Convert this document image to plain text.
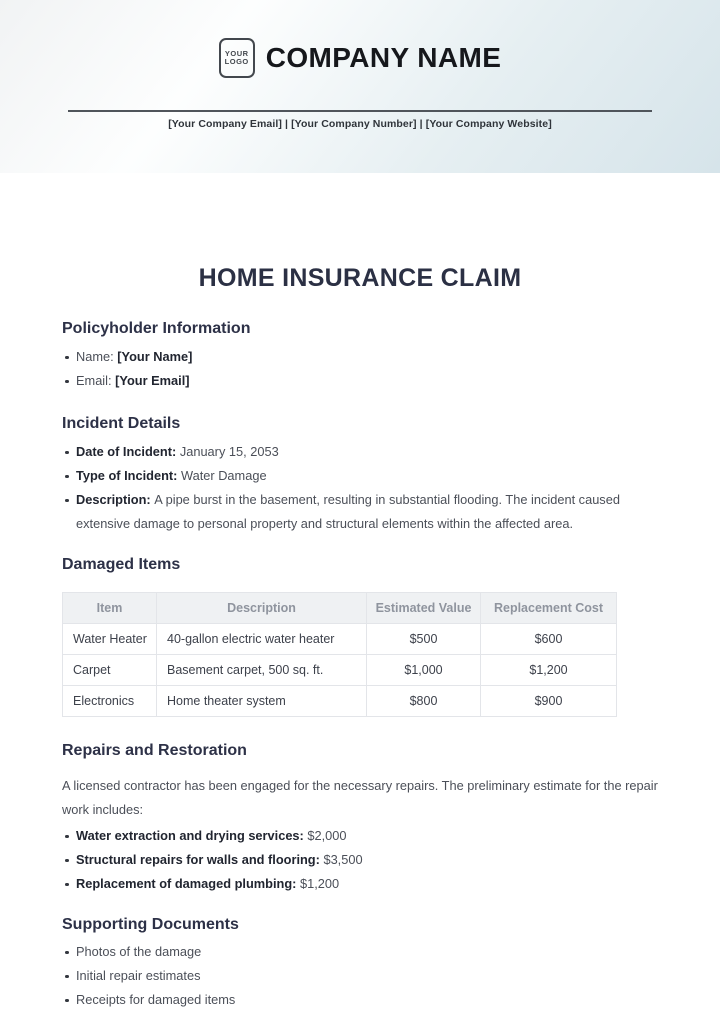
YOUR
LOGO COMPANY NAME
[Your Company Email] | [Your Company Number] | [Your Company Website]
HOME INSURANCE CLAIM
Policyholder Information
Name: [Your Name]
Email: [Your Email]
Incident Details
Date of Incident: January 15, 2053
Type of Incident: Water Damage
Description: A pipe burst in the basement, resulting in substantial flooding. The incident caused extensive damage to personal property and structural elements within the affected area.
Damaged Items
Item	Description	Estimated Value	Replacement Cost
Water Heater	40-gallon electric water heater	$500	$600
Carpet	Basement carpet, 500 sq. ft.	$1,000	$1,200
Electronics	Home theater system	$800	$900
Repairs and Restoration

A licensed contractor has been engaged for the necessary repairs. The preliminary estimate for the repair work includes:

Water extraction and drying services: $2,000
Structural repairs for walls and flooring: $3,500
Replacement of damaged plumbing: $1,200
Supporting Documents
Photos of the damage
Initial repair estimates
Receipts for damaged items
